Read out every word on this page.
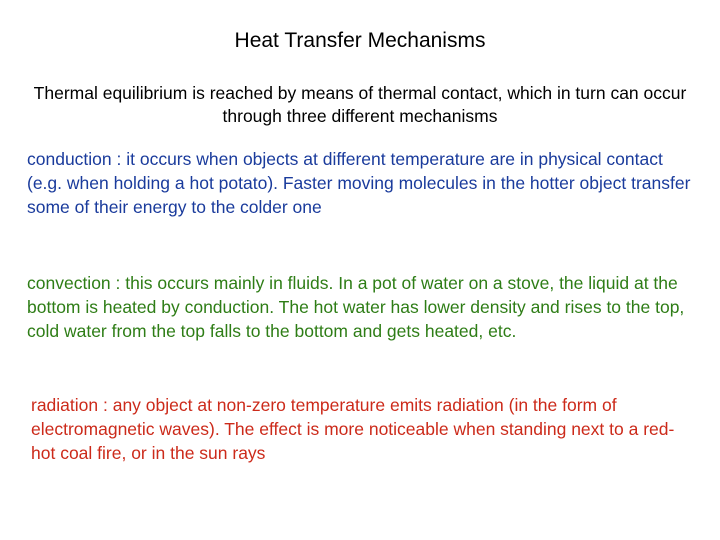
Heat Transfer Mechanisms

Thermal equilibrium is reached by means of thermal contact, which in turn can occur through three different mechanisms

conduction : it occurs when objects at different temperature are in physical contact (e.g. when holding a hot potato). Faster moving molecules in the hotter object transfer some of their energy to the colder one

convection : this occurs mainly in fluids. In a pot of water on a stove, the liquid at the bottom is heated by conduction. The hot water has lower density and rises to the top, cold water from the top falls to the bottom and gets heated, etc.

radiation : any object at non-zero temperature emits radiation (in the form of electromagnetic waves). The effect is more noticeable when standing next to a red-hot coal fire, or in the sun rays
